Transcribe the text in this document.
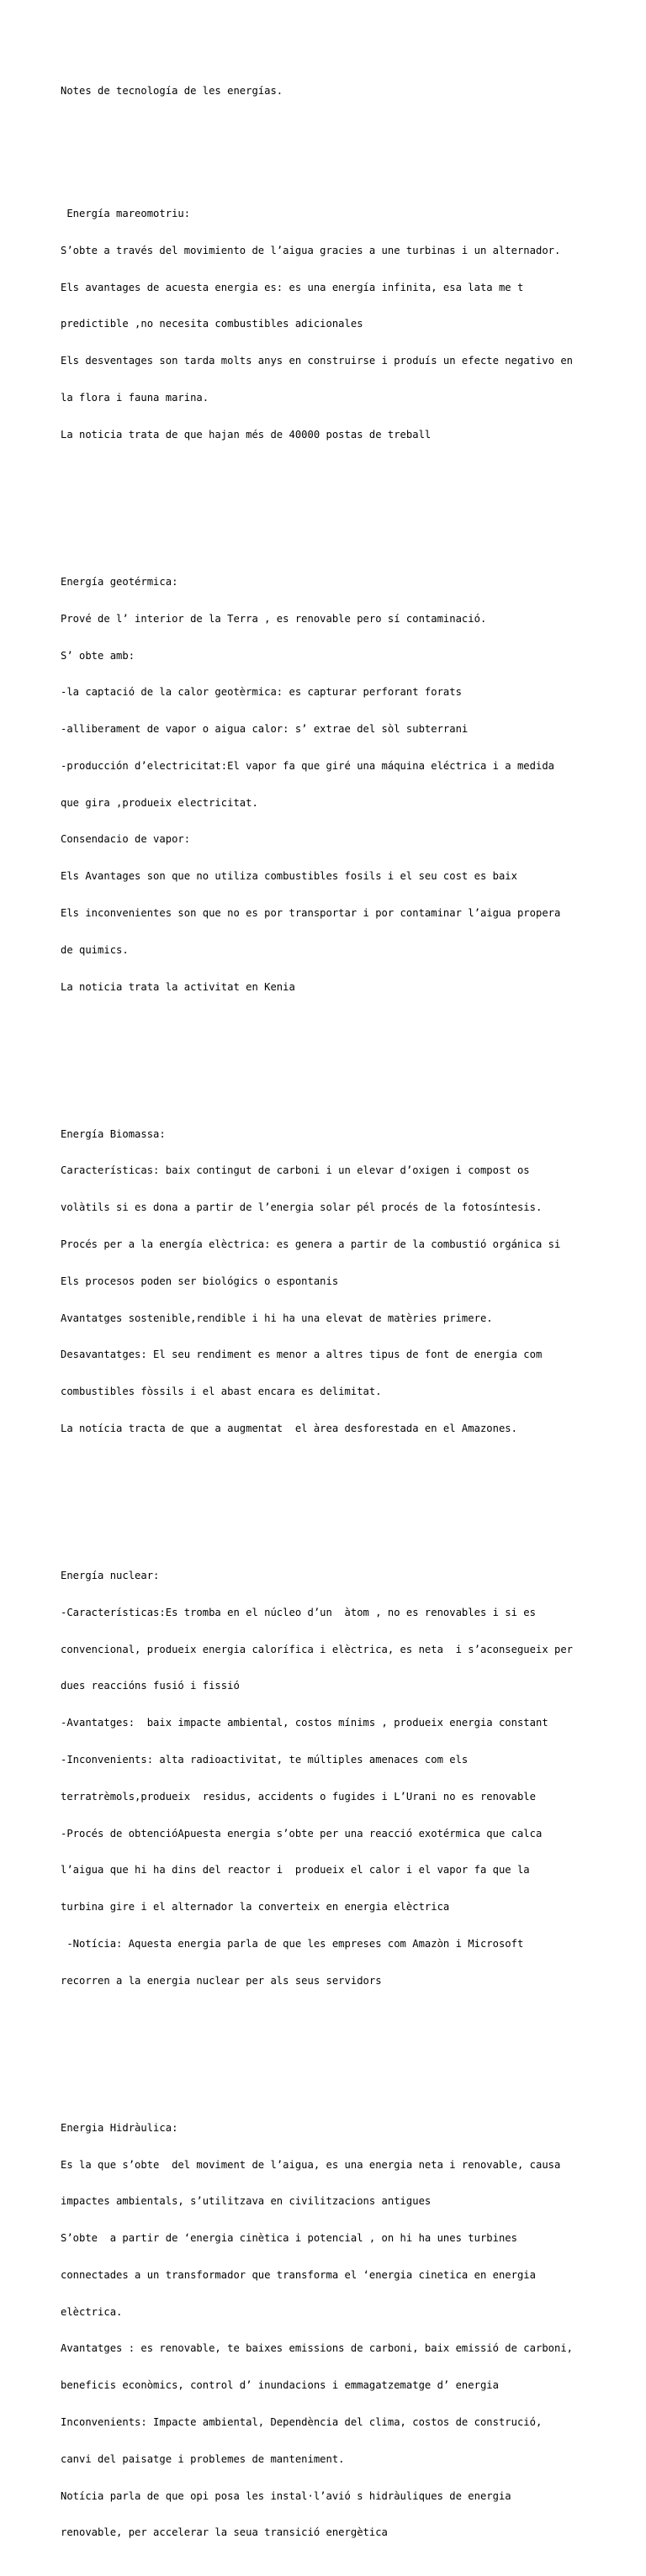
Notes de tecnología de les energías.

Energía mareomotriu:

S’obte a través del movimiento de l’aigua gracies a une turbinas i un alternador.

Els avantages de acuesta energia es: es una energía infinita, esa lata me t

predictible ,no necesita combustibles adicionales

Els desventages son tarda molts anys en construirse i produís un efecte negativo en

la flora i fauna marina.

La noticia trata de que hajan més de 40000 postas de treball

Energía geotérmica:

Prové de l’ interior de la Terra , es renovable pero sí contaminació.

S’ obte amb:

-la captació de la calor geotèrmica: es capturar perforant forats

-alliberament de vapor o aigua calor: s’ extrae del sòl subterrani

-producción d’electricitat:El vapor fa que giré una máquina eléctrica i a medida

que gira ,produeix electricitat.

Consendacio de vapor:

Els Avantages son que no utiliza combustibles fosils i el seu cost es baix

Els inconvenientes son que no es por transportar i por contaminar l’aigua propera

de quimics.

La noticia trata la activitat en Kenia

Energía Biomassa:

Características: baix contingut de carboni i un elevar d’oxigen i compost os

volàtils si es dona a partir de l’energia solar pél procés de la fotosíntesis.

Procés per a la energía elèctrica: es genera a partir de la combustió orgánica si

Els procesos poden ser biológics o espontanis

Avantatges sostenible,rendible i hi ha una elevat de matèries primere.

Desavantatges: El seu rendiment es menor a altres tipus de font de energia com

combustibles fòssils i el abast encara es delimitat.

La notícia tracta de que a augmentat  el àrea desforestada en el Amazones.

Energía nuclear:

-Características:Es tromba en el núcleo d’un  àtom , no es renovables i si es

convencional, produeix energia calorífica i elèctrica, es neta  i s’aconsegueix per

dues reaccións fusió i fissió

-Avantatges:  baix impacte ambiental, costos mínims , produeix energia constant

-Inconvenients: alta radioactivitat, te múltiples amenaces com els

terratrèmols,produeix  residus, accidents o fugides i L’Urani no es renovable

-Procés de obtencióApuesta energia s’obte per una reacció exotérmica que calca

l’aigua que hi ha dins del reactor i  produeix el calor i el vapor fa que la

turbina gire i el alternador la converteix en energia elèctrica

-Notícia: Aquesta energia parla de que les empreses com Amazòn i Microsoft

recorren a la energia nuclear per als seus servidors

Energia Hidràulica:

Es la que s’obte  del moviment de l’aigua, es una energia neta i renovable, causa

impactes ambientals, s’utilitzava en civilitzacions antigues

S’obte  a partir de ‘energia cinètica i potencial , on hi ha unes turbines

connectades a un transformador que transforma el ‘energia cinetica en energia

elèctrica.

Avantatges : es renovable, te baixes emissions de carboni, baix emissió de carboni,

beneficis econòmics, control d’ inundacions i emmagatzematge d’ energia

Inconvenients: Impacte ambiental, Dependència del clima, costos de construció,

canvi del paisatge i problemes de manteniment.

Notícia parla de que opi posa les instal·l’avió s hidràuliques de energia

renovable, per accelerar la seua transició energètica
